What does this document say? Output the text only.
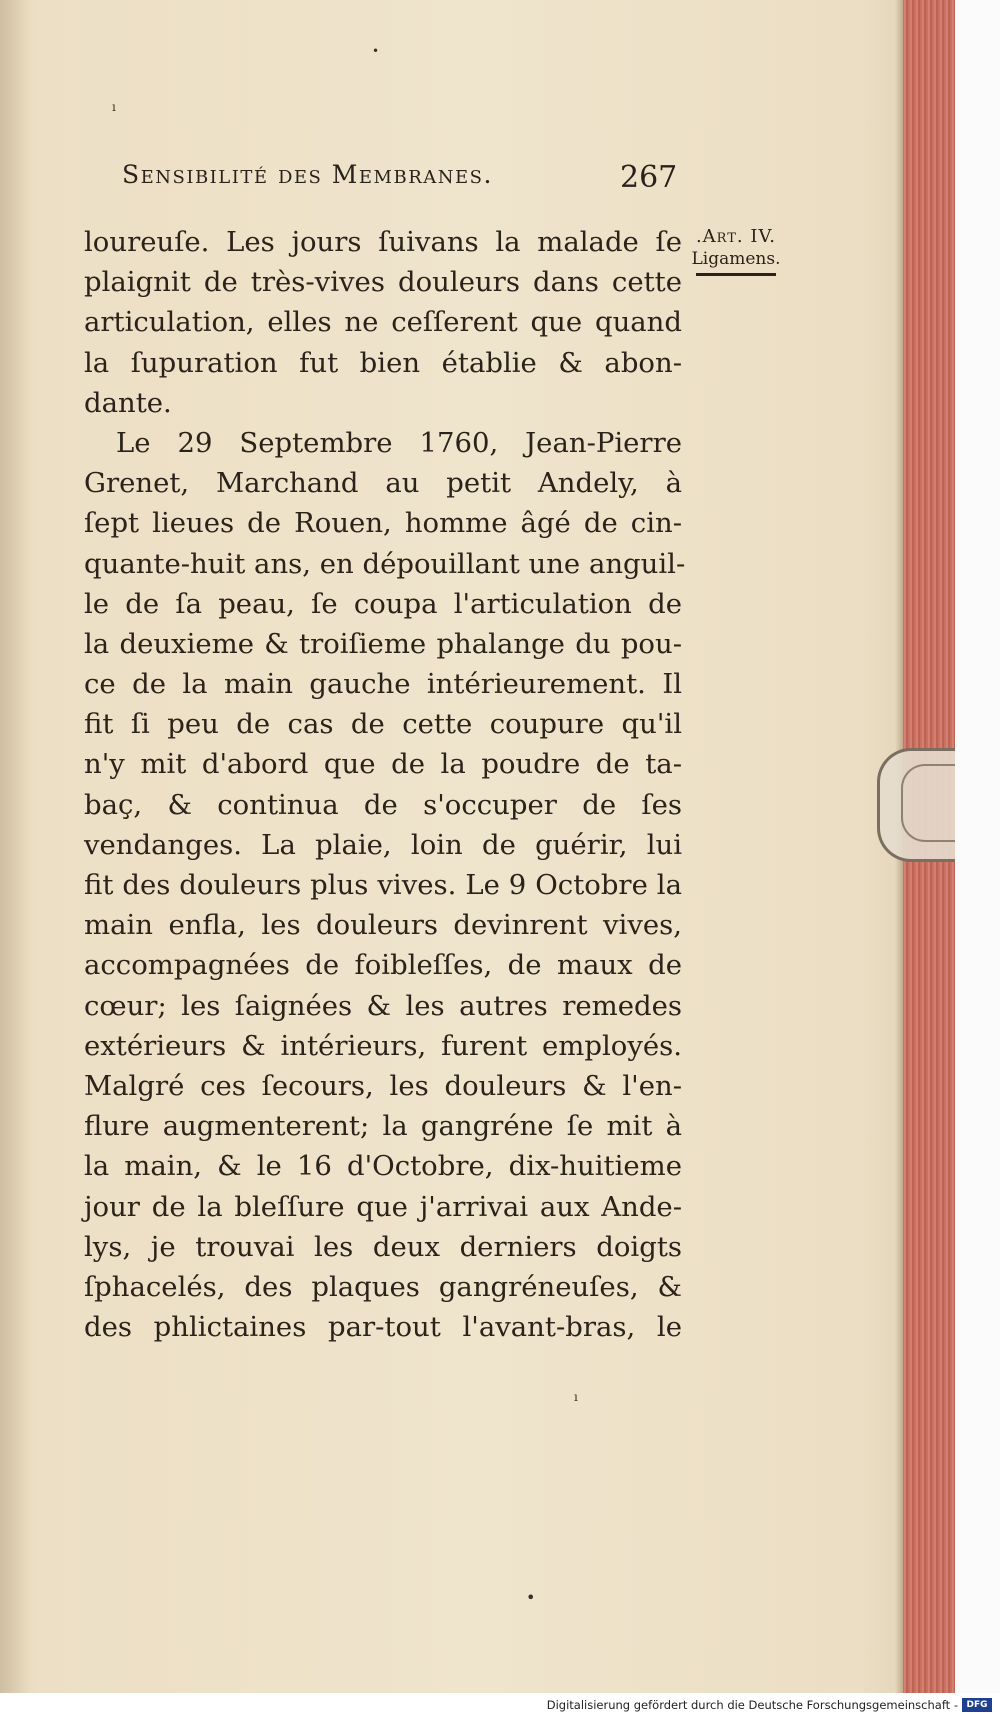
•
ı
ı
•
Sensibilité des Membranes.	267
.Art. IV.
Ligamens.
loureuſe. Les jours ſuivans la malade ſe
plaignit de très-vives douleurs dans cette
articulation, elles ne ceſſerent que quand
la ſupuration fut bien établie & abon-
dante.
Le 29 Septembre 1760, Jean-Pierre
Grenet, Marchand au petit Andely, à
ſept lieues de Rouen, homme âgé de cin-
quante-huit ans, en dépouillant une anguil-
le de ſa peau, ſe coupa l'articulation de
la deuxieme & troiſieme phalange du pou-
ce de la main gauche intérieurement. Il
fit ſi peu de cas de cette coupure qu'il
n'y mit d'abord que de la poudre de ta-
baç, & continua de s'occuper de ſes
vendanges. La plaie, loin de guérir, lui
fit des douleurs plus vives. Le 9 Octobre la
main enfla, les douleurs devinrent vives,
accompagnées de foibleſſes, de maux de
cœur; les ſaignées & les autres remedes
extérieurs & intérieurs, furent employés.
Malgré ces ſecours, les douleurs & l'en-
flure augmenterent; la gangréne ſe mit à
la main, & le 16 d'Octobre, dix-huitieme
jour de la bleſſure que j'arrivai aux Ande-
lys, je trouvai les deux derniers doigts
ſphacelés, des plaques gangréneuſes, &
des phlictaines par-tout l'avant-bras, le
Digitalisierung gefördert durch die Deutsche Forschungsgemeinschaft - DFG
